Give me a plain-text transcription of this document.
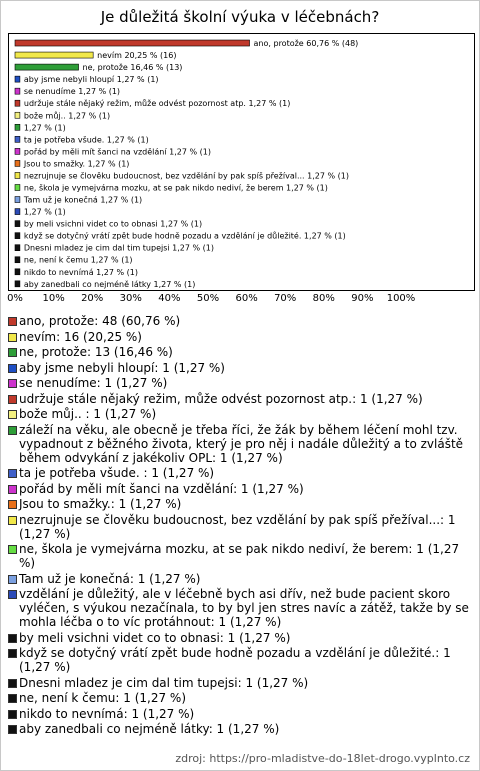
Je důležitá školní výuka v léčebnách?
ano, protože 60,76 % (48)
nevím 20,25 % (16)
ne, protože 16,46 % (13)
aby jsme nebyli hloupí 1,27 % (1)
se nenudíme 1,27 % (1)
udržuje stále nějaký režim, může odvést pozornost atp. 1,27 % (1)
bože můj.. 1,27 % (1)
1,27 % (1)
ta je potřeba všude. 1,27 % (1)
pořád by měli mít šanci na vzdělání 1,27 % (1)
Jsou to smažky. 1,27 % (1)
nezrujnuje se člověku budoucnost, bez vzdělání by pak spíš přežíval... 1,27 % (1)
ne, škola je vymejvárna mozku, at se pak nikdo nediví, že berem 1,27 % (1)
Tam už je konečná 1,27 % (1)
1,27 % (1)
by meli vsichni videt co to obnasi 1,27 % (1)
když se dotyčný vrátí zpět bude hodně pozadu a vzdělání je důležité. 1,27 % (1)
Dnesni mladez je cim dal tim tupejsi 1,27 % (1)
ne, není k čemu 1,27 % (1)
nikdo to nevnímá 1,27 % (1)
aby zanedbali co nejméně látky 1,27 % (1)
0% 10% 20% 30% 40% 50% 60% 70% 80% 90% 100%
ano, protože: 48 (60,76 %)
nevím: 16 (20,25 %)
ne, protože: 13 (16,46 %)
aby jsme nebyli hloupí: 1 (1,27 %)
se nenudíme: 1 (1,27 %)
udržuje stále nějaký režim, může odvést pozornost atp.: 1 (1,27 %)
bože můj.. : 1 (1,27 %)
záleží na věku, ale obecně je třeba říci, že žák by během léčení mohl tzv. vypadnout z běžného života, který je pro něj i nadále důležitý a to zvláště během odvykání z jakékoliv OPL: 1 (1,27 %)
ta je potřeba všude. : 1 (1,27 %)
pořád by měli mít šanci na vzdělání: 1 (1,27 %)
Jsou to smažky.: 1 (1,27 %)
nezrujnuje se člověku budoucnost, bez vzdělání by pak spíš přežíval...: 1 (1,27 %)
ne, škola je vymejvárna mozku, at se pak nikdo nediví, že berem: 1 (1,27 %)
Tam už je konečná: 1 (1,27 %)
vzdělání je důležitý, ale v léčebně bych asi dřív, než bude pacient skoro vyléčen, s výukou nezačínala, to by byl jen stres navíc a zátěž, takže by se mohla léčba o to víc protáhnout: 1 (1,27 %)
by meli vsichni videt co to obnasi: 1 (1,27 %)
když se dotyčný vrátí zpět bude hodně pozadu a vzdělání je důležité.: 1 (1,27 %)
Dnesni mladez je cim dal tim tupejsi: 1 (1,27 %)
ne, není k čemu: 1 (1,27 %)
nikdo to nevnímá: 1 (1,27 %)
aby zanedbali co nejméně látky: 1 (1,27 %)
zdroj: https://pro-mladistve-do-18let-drogo.vyplnto.cz
